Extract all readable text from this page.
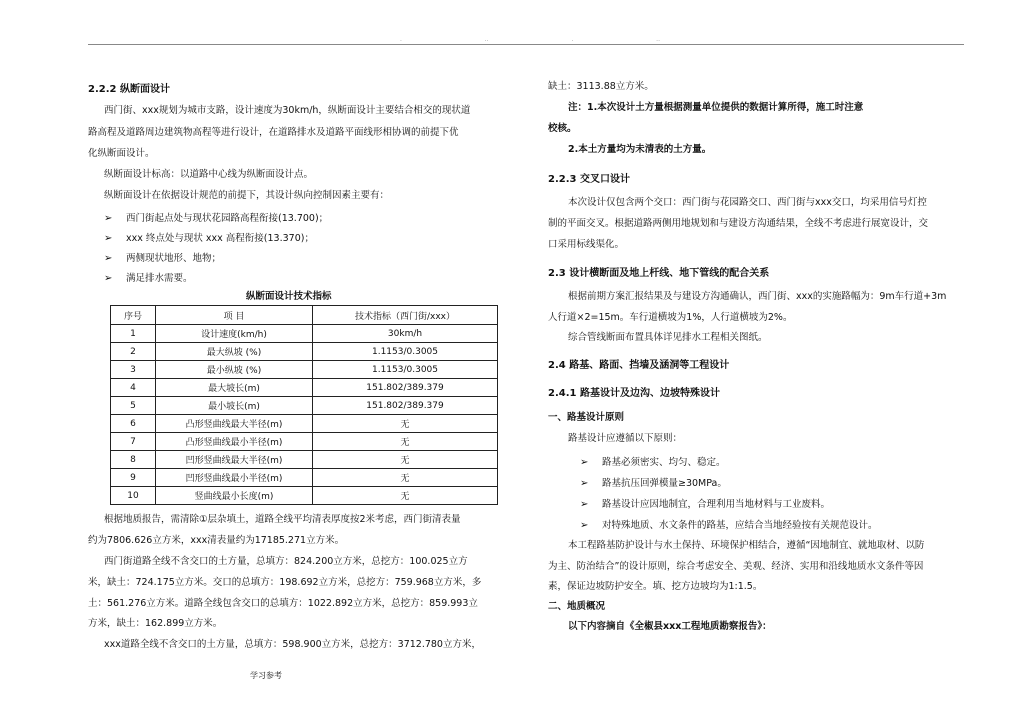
·	··	·	··
2.2.2 纵断面设计
西门街、xxx规划为城市支路，设计速度为30km/h，纵断面设计主要结合相交的现状道
路高程及道路周边建筑物高程等进行设计，在道路排水及道路平面线形相协调的前提下优
化纵断面设计。
纵断面设计标高：以道路中心线为纵断面设计点。
纵断面设计在依据设计规范的前提下，其设计纵向控制因素主要有：
➢ 西门街起点处与现状花园路高程衔接(13.700)；
➢ xxx 终点处与现状 xxx 高程衔接(13.370)；
➢ 两侧现状地形、地物；
➢ 满足排水需要。
纵断面设计技术指标
序号	项 目	技术指标（西门街/xxx）
1	设计速度(km/h)	30km/h
2	最大纵坡 (%)	1.1153/0.3005
3	最小纵坡 (%)	1.1153/0.3005
4	最大坡长(m)	151.802/389.379
5	最小坡长(m)	151.802/389.379
6	凸形竖曲线最大半径(m)	无
7	凸形竖曲线最小半径(m)	无
8	凹形竖曲线最大半径(m)	无
9	凹形竖曲线最小半径(m)	无
10	竖曲线最小长度(m)	无
根据地质报告，需清除①层杂填土，道路全线平均清表厚度按2米考虑，西门街清表量
约为7806.626立方米，xxx清表量约为17185.271立方米。
西门街道路全线不含交口的土方量，总填方：824.200立方米，总挖方：100.025立方
米，缺土：724.175立方米。交口的总填方：198.692立方米，总挖方：759.968立方米，多
土：561.276立方米。道路全线包含交口的总填方：1022.892立方米，总挖方：859.993立
方米，缺土：162.899立方米。
xxx道路全线不含交口的土方量，总填方：598.900立方米，总挖方：3712.780立方米，
缺土：3113.88立方米。
注：1.本次设计土方量根据测量单位提供的数据计算所得，施工时注意
校核。
2.本土方量均为未清表的土方量。
2.2.3 交叉口设计
本次设计仅包含两个交口：西门街与花园路交口、西门街与xxx交口，均采用信号灯控
制的平面交叉。根据道路两侧用地规划和与建设方沟通结果，全线不考虑进行展宽设计，交
口采用标线渠化。
2.3 设计横断面及地上杆线、地下管线的配合关系
根据前期方案汇报结果及与建设方沟通确认，西门街、xxx的实施路幅为：9m车行道+3m
人行道×2=15m。车行道横坡为1%，人行道横坡为2%。
综合管线断面布置具体详见排水工程相关图纸。
2.4 路基、路面、挡墙及涵洞等工程设计
2.4.1 路基设计及边沟、边坡特殊设计
一、路基设计原则
路基设计应遵循以下原则：
➢ 路基必须密实、均匀、稳定。
➢ 路基抗压回弹模量≥30MPa。
➢ 路基设计应因地制宜，合理利用当地材料与工业废料。
➢ 对特殊地质、水文条件的路基，应结合当地经验按有关规范设计。
本工程路基防护设计与水土保持、环境保护相结合，遵循“因地制宜、就地取材、以防
为主、防治结合”的设计原则，综合考虑安全、美观、经济、实用和沿线地质水文条件等因
素，保证边坡防护安全。填、挖方边坡均为1:1.5。
二、地质概况
以下内容摘自《全椒县xxx工程地质勘察报告》：
学习参考
